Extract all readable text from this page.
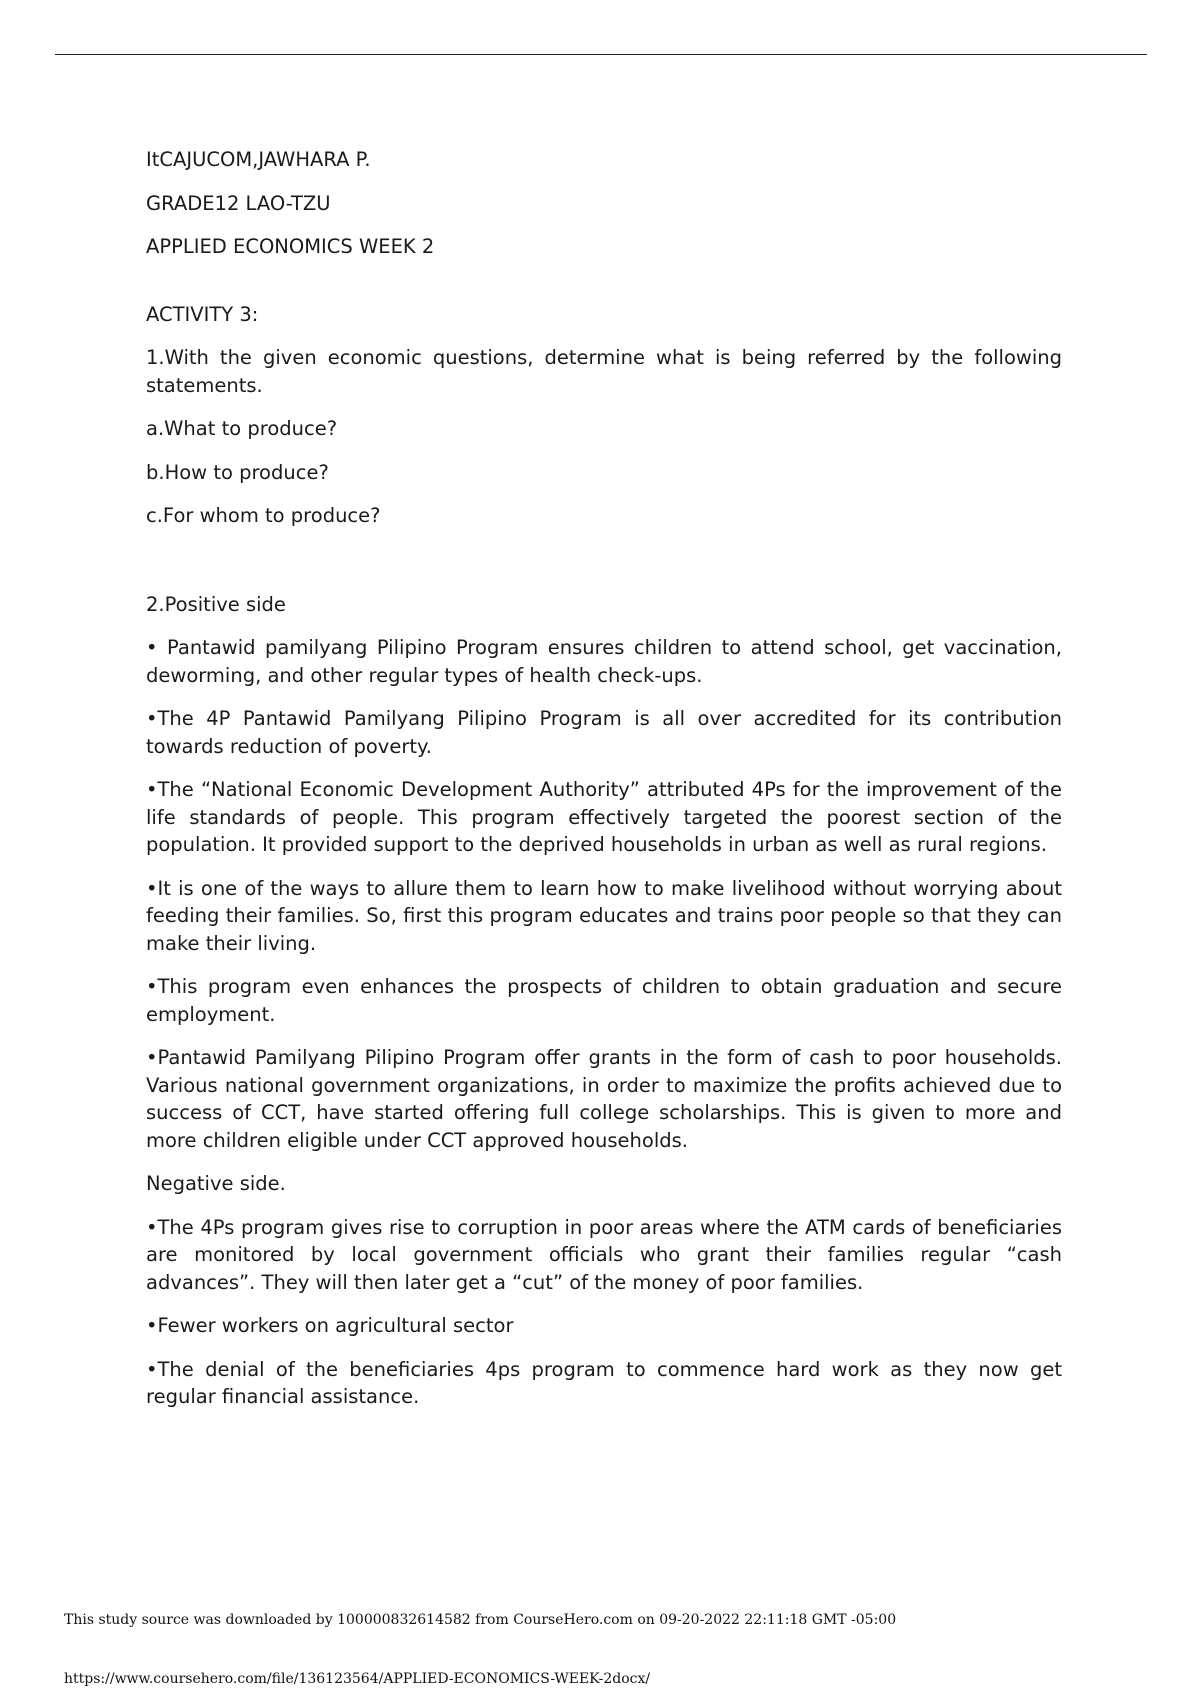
ItCAJUCOM,JAWHARA P.

GRADE12 LAO-TZU

APPLIED ECONOMICS WEEK 2

ACTIVITY 3:

1.With the given economic questions, determine what is being referred by the following statements.

a.What to produce?

b.How to produce?

c.For whom to produce?

2.Positive side

• Pantawid pamilyang Pilipino Program ensures children to attend school, get vaccination, deworming, and other regular types of health check-ups.

•The 4P Pantawid Pamilyang Pilipino Program is all over accredited for its contribution towards reduction of poverty.

•The “National Economic Development Authority” attributed 4Ps for the improvement of the life standards of people. This program effectively targeted the poorest section of the population. It provided support to the deprived households in urban as well as rural regions.

•It is one of the ways to allure them to learn how to make livelihood without worrying about feeding their families. So, first this program educates and trains poor people so that they can make their living.

•This program even enhances the prospects of children to obtain graduation and secure employment.

•Pantawid Pamilyang Pilipino Program offer grants in the form of cash to poor households. Various national government organizations, in order to maximize the profits achieved due to success of CCT, have started offering full college scholarships. This is given to more and more children eligible under CCT approved households.

Negative side.

•The 4Ps program gives rise to corruption in poor areas where the ATM cards of beneficiaries are monitored by local government officials who grant their families regular “cash advances”. They will then later get a “cut” of the money of poor families.

•Fewer workers on agricultural sector

•The denial of the beneficiaries 4ps program to commence hard work as they now get regular financial assistance.

This study source was downloaded by 100000832614582 from CourseHero.com on 09-20-2022 22:11:18 GMT -05:00
https://www.coursehero.com/file/136123564/APPLIED-ECONOMICS-WEEK-2docx/
